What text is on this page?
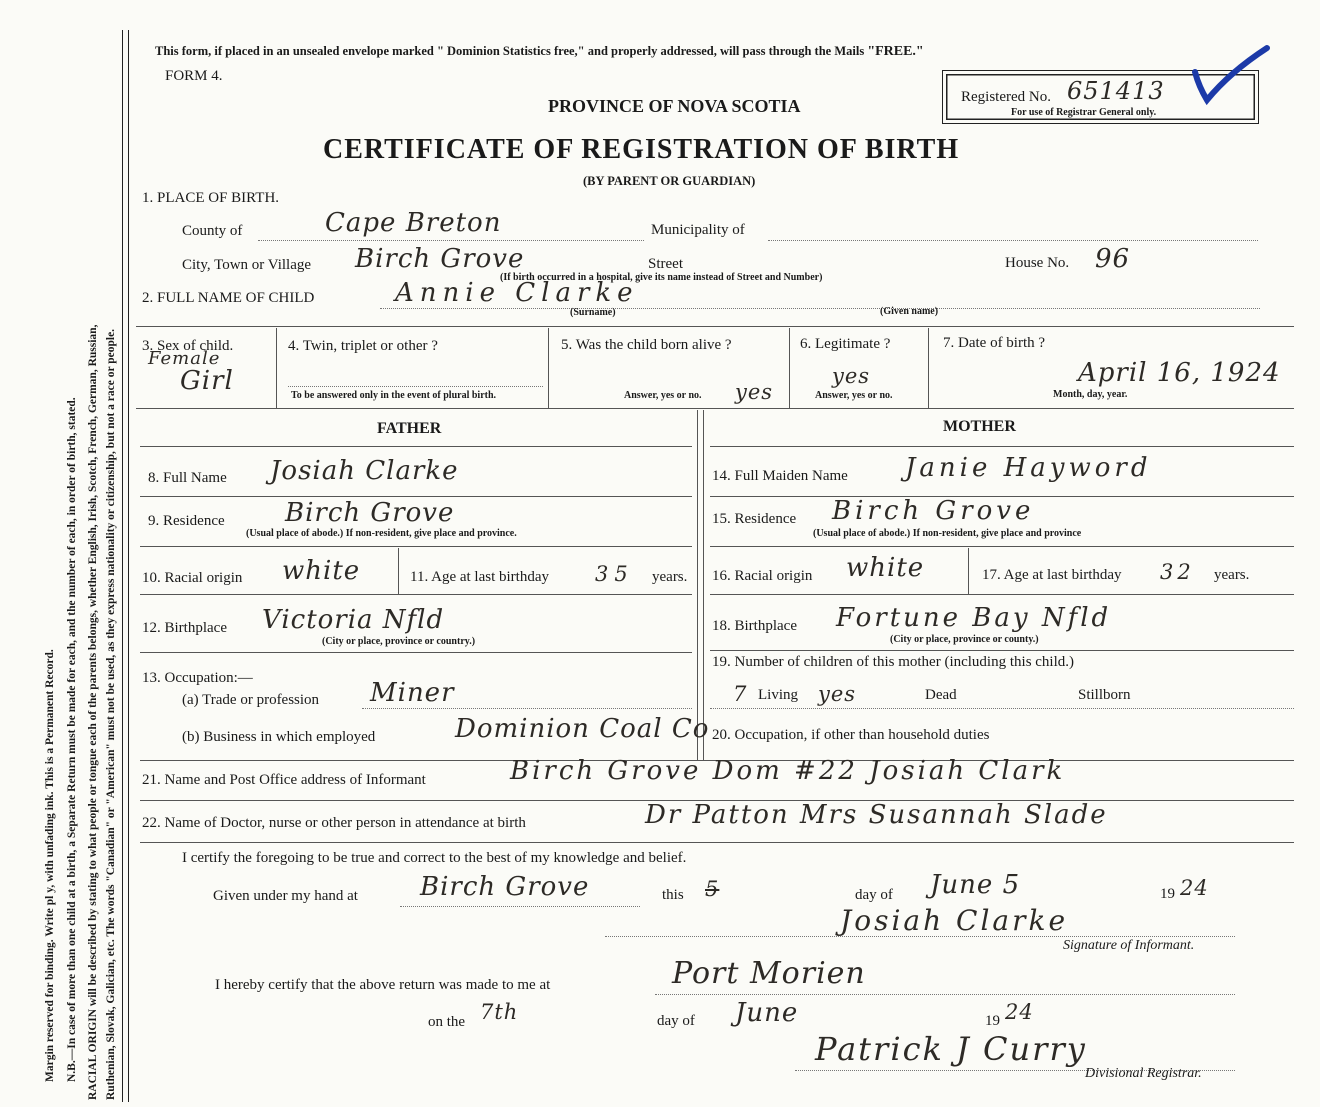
Margin reserved for binding. Write pl y, with unfading ink. This is a Permanent Record. N.B.—In case of more than one child at a birth, a Separate Return must be made for each, and the number of each, in order of birth, stated. RACIAL ORIGIN will be described by stating to what people or tongue each of the parents belongs, whether English, Irish, Scotch, French, German, Russian, Ruthenian, Slovak, Galician, etc. The words "Canadian" or "American" must not be used, as they express nationality or citizenship, but not a race or people.
This form, if placed in an unsealed envelope marked " Dominion Statistics free," and properly addressed, will pass through the Mails "FREE."
FORM 4.
PROVINCE OF NOVA SCOTIA	Registered No. 651413
For use of Registrar General only.
CERTIFICATE OF REGISTRATION OF BIRTH
(BY PARENT OR GUARDIAN)
1. PLACE OF BIRTH.
County of	Cape Breton	Municipality of
City, Town or Village Birch Grove	Street
(If birth occurred in a hospital, give its name instead of Street and Number)
House No. 96
2. FULL NAME OF CHILD	Annie Clarke
(Surname)	(Given name)
3. Sex of child.
Female
Girl
4. Twin, triplet or other ?
To be answered only in the event of plural birth.
5. Was the child born alive ?
Answer, yes or no. yes
6. Legitimate ?
yes
Answer, yes or no.
7. Date of birth ?
April 16, 1924
Month, day, year.
FATHER	MOTHER
8. Full Name Josiah Clarke
9. Residence Birch Grove
(Usual place of abode.) If non-resident, give place and province.
10. Racial origin white	11. Age at last birthday 35 years.
12. Birthplace Victoria Nfld
(City or place, province or country.)
13. Occupation:—
(a) Trade or profession Miner
(b) Business in which employed	Dominion Coal Co
14. Full Maiden Name Janie Hayword
15. Residence Birch Grove
(Usual place of abode.) If non-resident, give place and province
16. Racial origin white	17. Age at last birthday 32 years.
18. Birthplace Fortune Bay Nfld
(City or place, province or county.)
19. Number of children of this mother (including this child.)
7 Living yes	Dead	Stillborn
20. Occupation, if other than household duties
21. Name and Post Office address of Informant	Birch Grove Dom #22 Josiah Clark
22. Name of Doctor, nurse or other person in attendance at birth	Dr Patton Mrs Susannah Slade
I certify the foregoing to be true and correct to the best of my knowledge and belief.
Given under my hand at Birch Grove	this 5	day of June 5	19 24
Josiah Clarke
Signature of Informant.
I hereby certify that the above return was made to me at	Port Morien
on the 7th	day of June	19 24
Patrick J Curry
Divisional Registrar.
